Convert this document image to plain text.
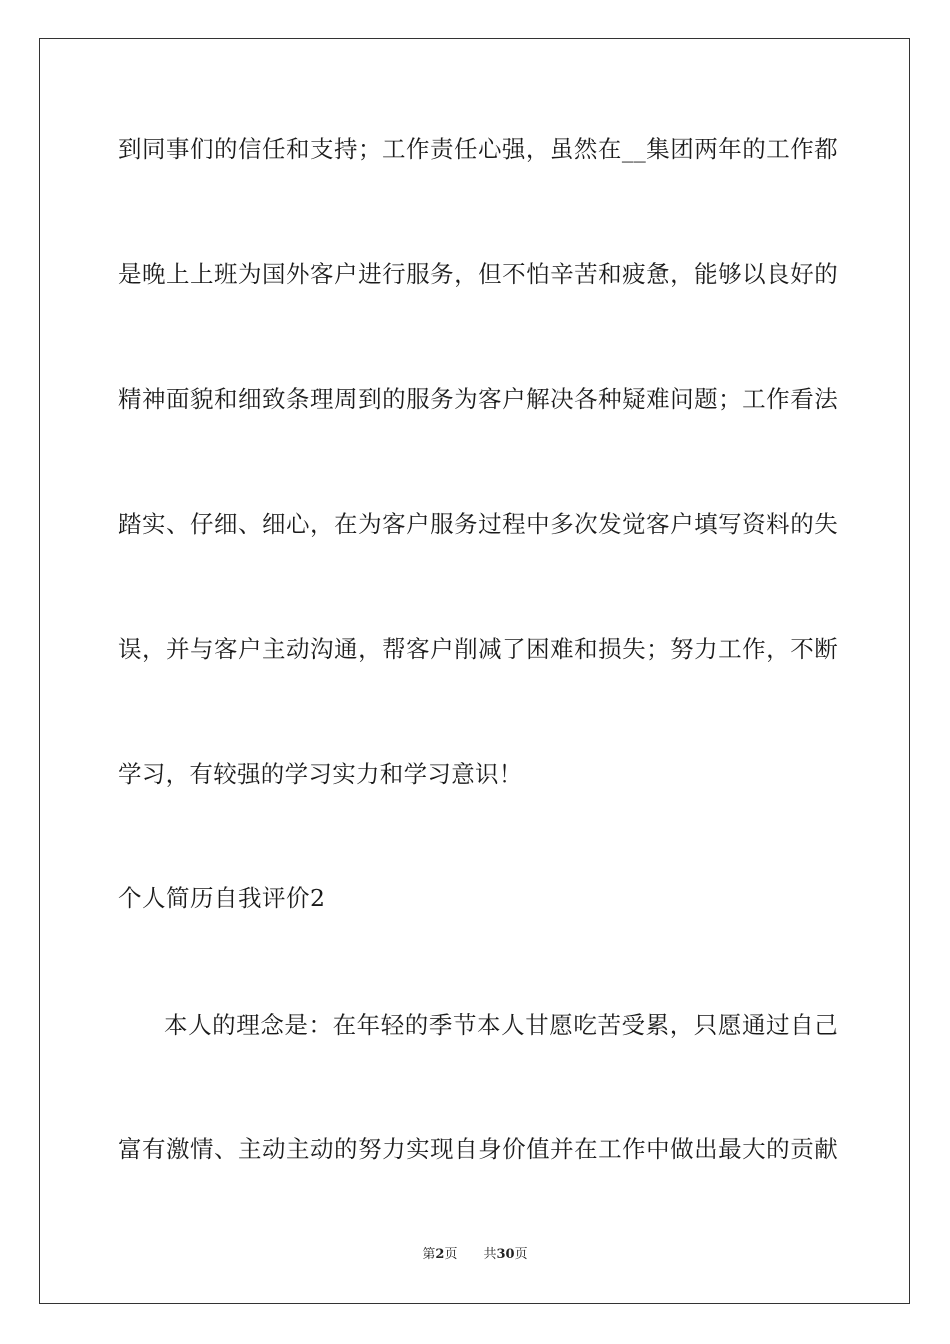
到同事们的信任和支持；工作责任心强，虽然在__集团两年的工作都
是晚上上班为国外客户进行服务，但不怕辛苦和疲惫，能够以良好的
精神面貌和细致条理周到的服务为客户解决各种疑难问题；工作看法
踏实、仔细、细心，在为客户服务过程中多次发觉客户填写资料的失
误，并与客户主动沟通，帮客户削减了困难和损失；努力工作，不断
学习，有较强的学习实力和学习意识！
个人简历自我评价2
本人的理念是：在年轻的季节本人甘愿吃苦受累，只愿通过自己
富有激情、主动主动的努力实现自身价值并在工作中做出最大的贡献
第2页 共30页
